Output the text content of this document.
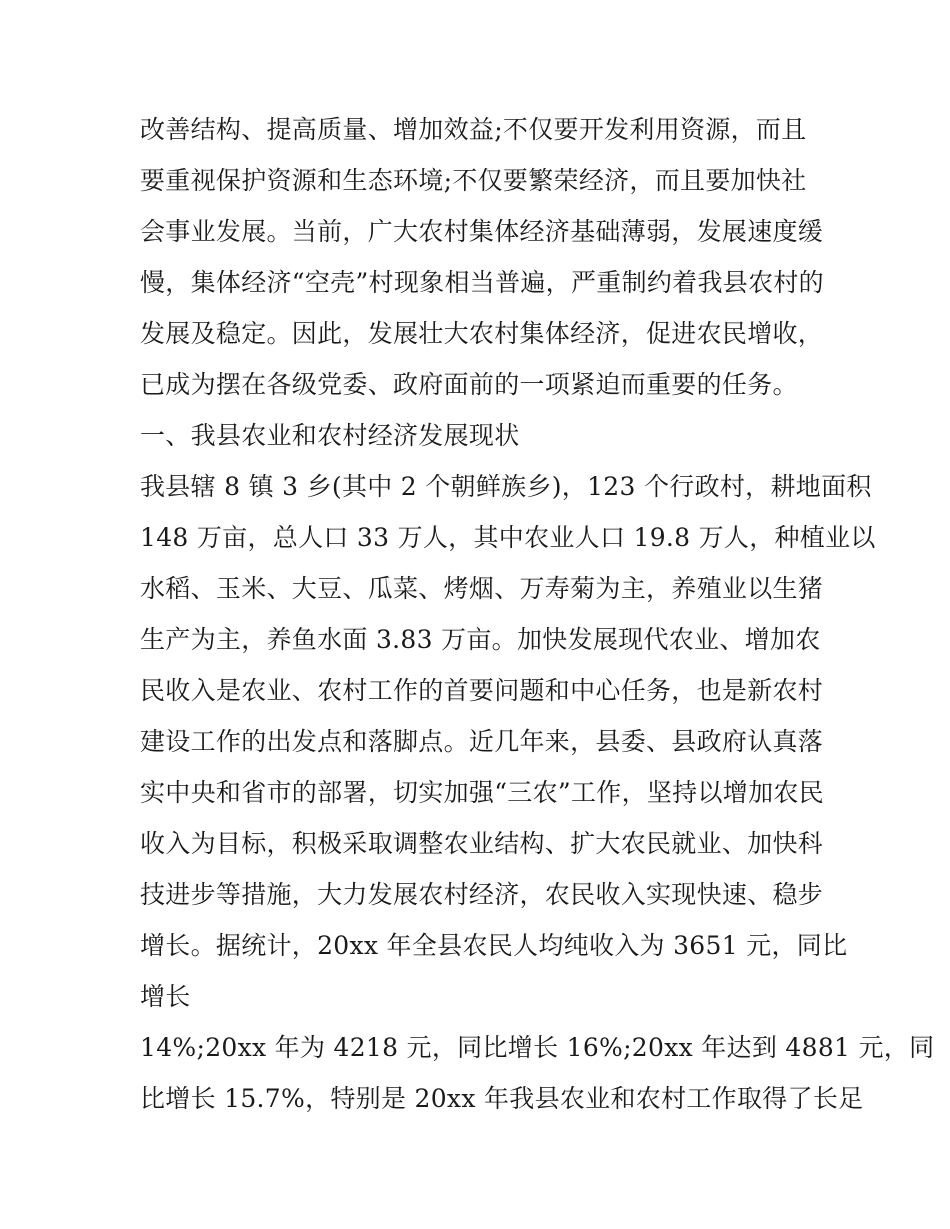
改善结构、提高质量、增加效益;不仅要开发利用资源，而且
要重视保护资源和生态环境;不仅要繁荣经济，而且要加快社
会事业发展。当前，广大农村集体经济基础薄弱，发展速度缓
慢，集体经济“空壳”村现象相当普遍，严重制约着我县农村的
发展及稳定。因此，发展壮大农村集体经济，促进农民增收，
已成为摆在各级党委、政府面前的一项紧迫而重要的任务。
一、我县农业和农村经济发展现状
我县辖 8 镇 3 乡(其中 2 个朝鲜族乡)，123 个行政村，耕地面积
148 万亩，总人口 33 万人，其中农业人口 19.8 万人，种植业以
水稻、玉米、大豆、瓜菜、烤烟、万寿菊为主，养殖业以生猪
生产为主，养鱼水面 3.83 万亩。加快发展现代农业、增加农
民收入是农业、农村工作的首要问题和中心任务，也是新农村
建设工作的出发点和落脚点。近几年来，县委、县政府认真落
实中央和省市的部署，切实加强“三农”工作，坚持以增加农民
收入为目标，积极采取调整农业结构、扩大农民就业、加快科
技进步等措施，大力发展农村经济，农民收入实现快速、稳步
增长。据统计，20xx 年全县农民人均纯收入为 3651 元，同比
增长
14%;20xx 年为 4218 元，同比增长 16%;20xx 年达到 4881 元，同
比增长 15.7%，特别是 20xx 年我县农业和农村工作取得了长足
